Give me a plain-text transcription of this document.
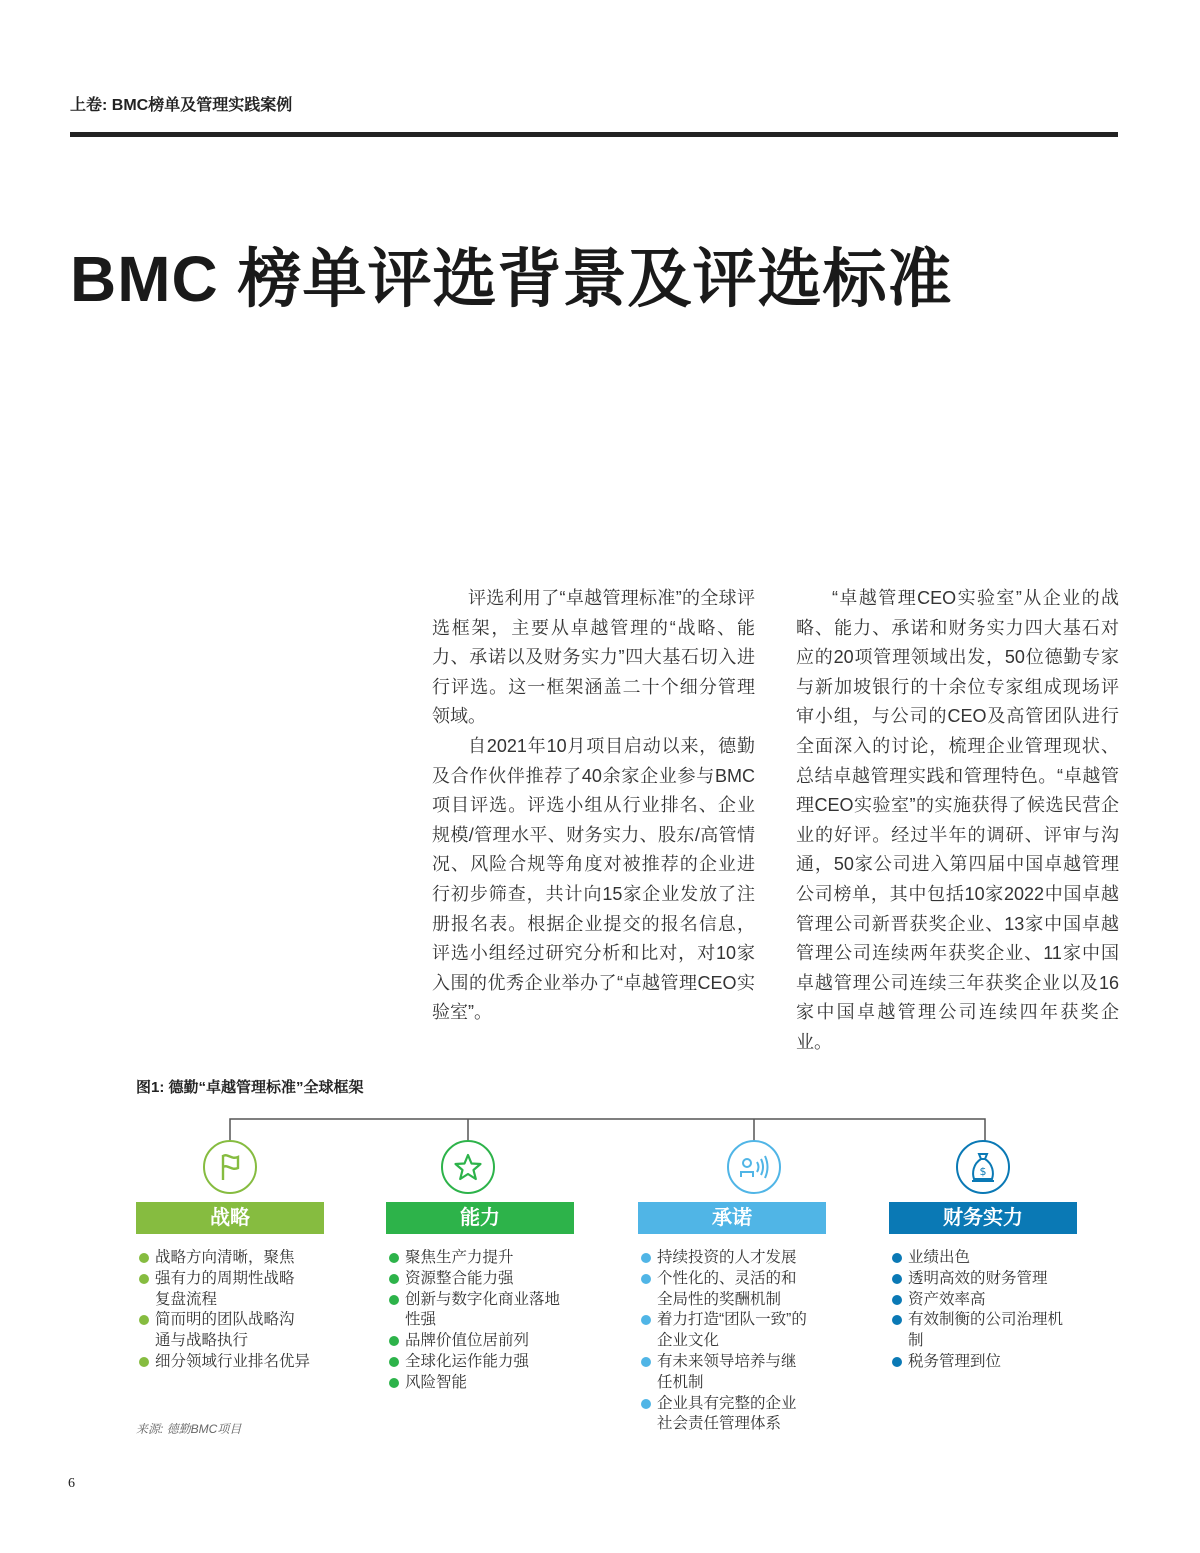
上卷: BMC榜单及管理实践案例
BMC 榜单评选背景及评选标准

评选利用了“卓越管理标准”的全球评选框架，主要从卓越管理的“战略、能力、承诺以及财务实力”四大基石切入进行评选。这一框架涵盖二十个细分管理领域。

自2021年10月项目启动以来，德勤及合作伙伴推荐了40余家企业参与BMC项目评选。评选小组从行业排名、企业规模/管理水平、财务实力、股东/高管情况、风险合规等角度对被推荐的企业进行初步筛查，共计向15家企业发放了注册报名表。根据企业提交的报名信息，评选小组经过研究分析和比对，对10家入围的优秀企业举办了“卓越管理CEO实验室”。

“卓越管理CEO实验室”从企业的战略、能力、承诺和财务实力四大基石对应的20项管理领域出发，50位德勤专家与新加坡银行的十余位专家组成现场评审小组，与公司的CEO及高管团队进行全面深入的讨论，梳理企业管理现状、总结卓越管理实践和管理特色。“卓越管理CEO实验室”的实施获得了候选民营企业的好评。经过半年的调研、评审与沟通，50家公司进入第四届中国卓越管理公司榜单，其中包括10家2022中国卓越管理公司新晋获奖企业、13家中国卓越管理公司连续两年获奖企业、11家中国卓越管理公司连续三年获奖企业以及16家中国卓越管理公司连续四年获奖企业。

图1: 德勤“卓越管理标准”全球框架
战略
战略方向清晰，聚焦
强有力的周期性战略复盘流程
简而明的团队战略沟通与战略执行
细分领域行业排名优异
能力
聚焦生产力提升
资源整合能力强
创新与数字化商业落地性强
品牌价值位居前列
全球化运作能力强
风险智能
承诺
持续投资的人才发展
个性化的、灵活的和全局性的奖酬机制
着力打造“团队一致”的企业文化
有未来领导培养与继任机制
企业具有完整的企业社会责任管理体系
$
财务实力
业绩出色
透明高效的财务管理
资产效率高
有效制衡的公司治理机制
税务管理到位
来源: 德勤BMC项目
6
